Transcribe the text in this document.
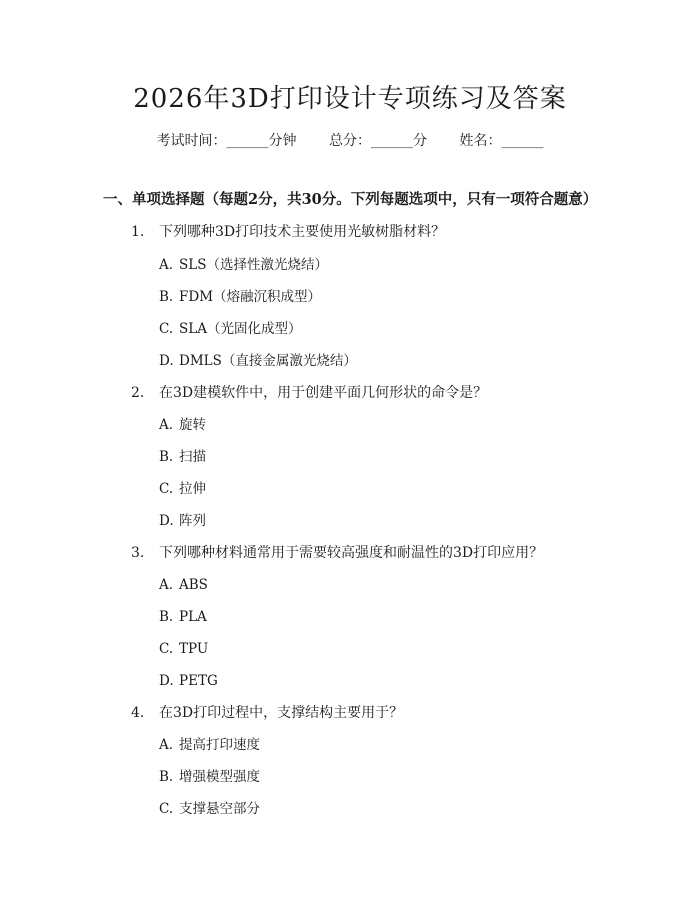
2026年3D打印设计专项练习及答案
考试时间：______分钟 总分：______分 姓名：______
一、单项选择题（每题2分，共30分。下列每题选项中，只有一项符合题意）
1. 下列哪种3D打印技术主要使用光敏树脂材料？
A. SLS（选择性激光烧结）
B. FDM（熔融沉积成型）
C. SLA（光固化成型）
D. DMLS（直接金属激光烧结）
2. 在3D建模软件中，用于创建平面几何形状的命令是？
A. 旋转
B. 扫描
C. 拉伸
D. 阵列
3. 下列哪种材料通常用于需要较高强度和耐温性的3D打印应用？
A. ABS
B. PLA
C. TPU
D. PETG
4. 在3D打印过程中，支撑结构主要用于？
A. 提高打印速度
B. 增强模型强度
C. 支撑悬空部分
